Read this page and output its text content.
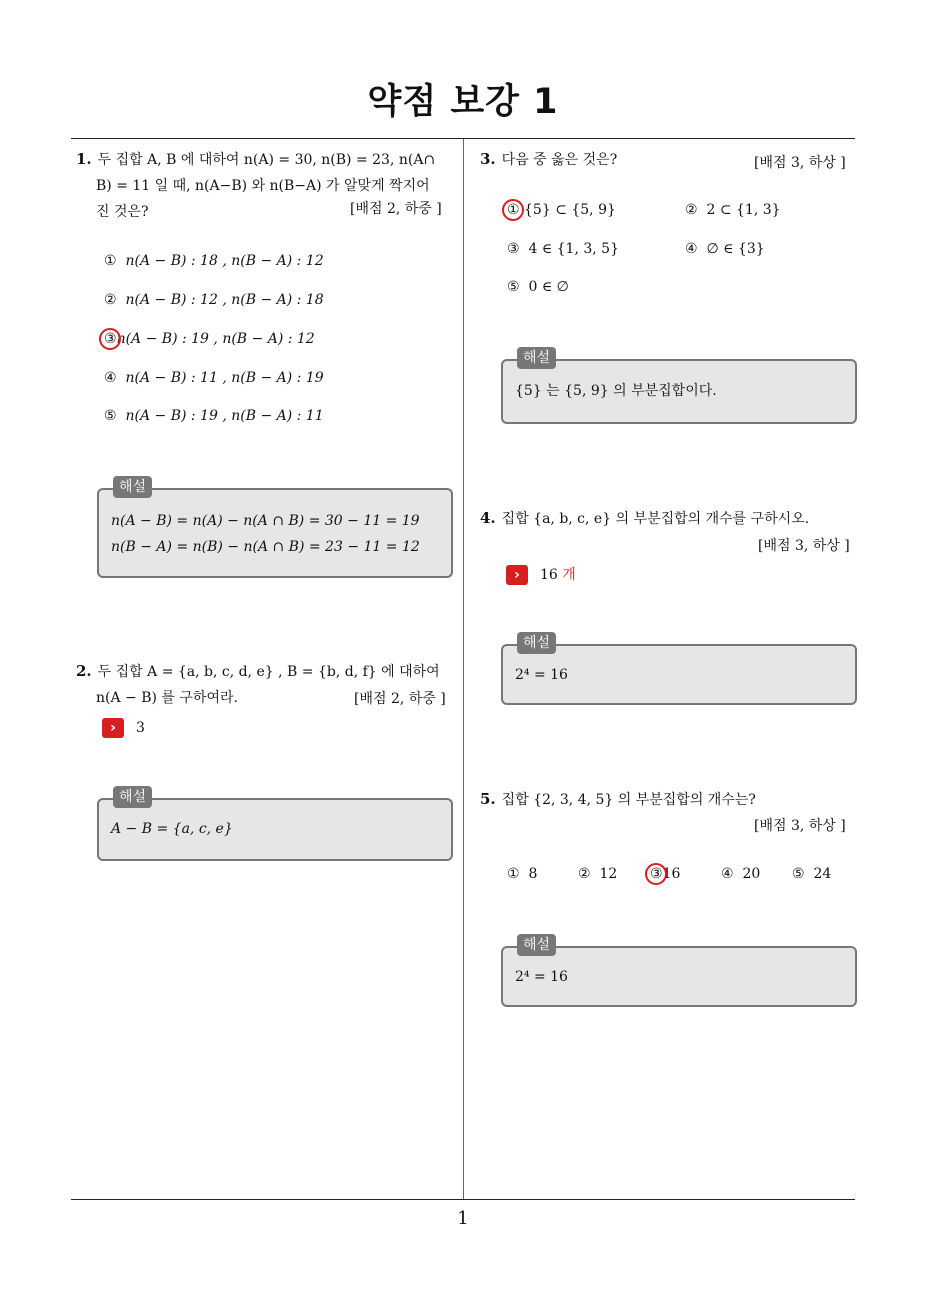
약점 보강 1
1
1. 두 집합 A, B 에 대하여 n(A) = 30, n(B) = 23, n(A∩
B) = 11 일 때, n(A−B) 와 n(B−A) 가 알맞게 짝지어
진 것은?	[배점 2, 하중 ]
① n(A − B) : 18 , n(B − A) : 12
② n(A − B) : 12 , n(B − A) : 18
③n(A − B) : 19 , n(B − A) : 12
④ n(A − B) : 11 , n(B − A) : 19
⑤ n(A − B) : 19 , n(B − A) : 11
해설
n(A − B) = n(A) − n(A ∩ B) = 30 − 11 = 19
n(B − A) = n(B) − n(A ∩ B) = 23 − 11 = 12
2. 두 집합 A = {a, b, c, d, e} , B = {b, d, f} 에 대하여
n(A − B) 를 구하여라.	[배점 2, 하중 ]
› 3
해설
A − B = {a, c, e}
3. 다음 중 옳은 것은?	[배점 3, 하상 ]
① {5} ⊂ {5, 9}	② 2 ⊂ {1, 3}
③ 4 ∈ {1, 3, 5}	④ ∅ ∈ {3}
⑤ 0 ∈ ∅
해설
{5} 는 {5, 9} 의 부분집합이다.
4. 집합 {a, b, c, e} 의 부분집합의 개수를 구하시오.
[배점 3, 하상 ]
› 16 개
해설
2⁴ = 16
5. 집합 {2, 3, 4, 5} 의 부분집합의 개수는?
[배점 3, 하상 ]
① 8	② 12 ③16	④ 20 ⑤ 24
해설
2⁴ = 16
